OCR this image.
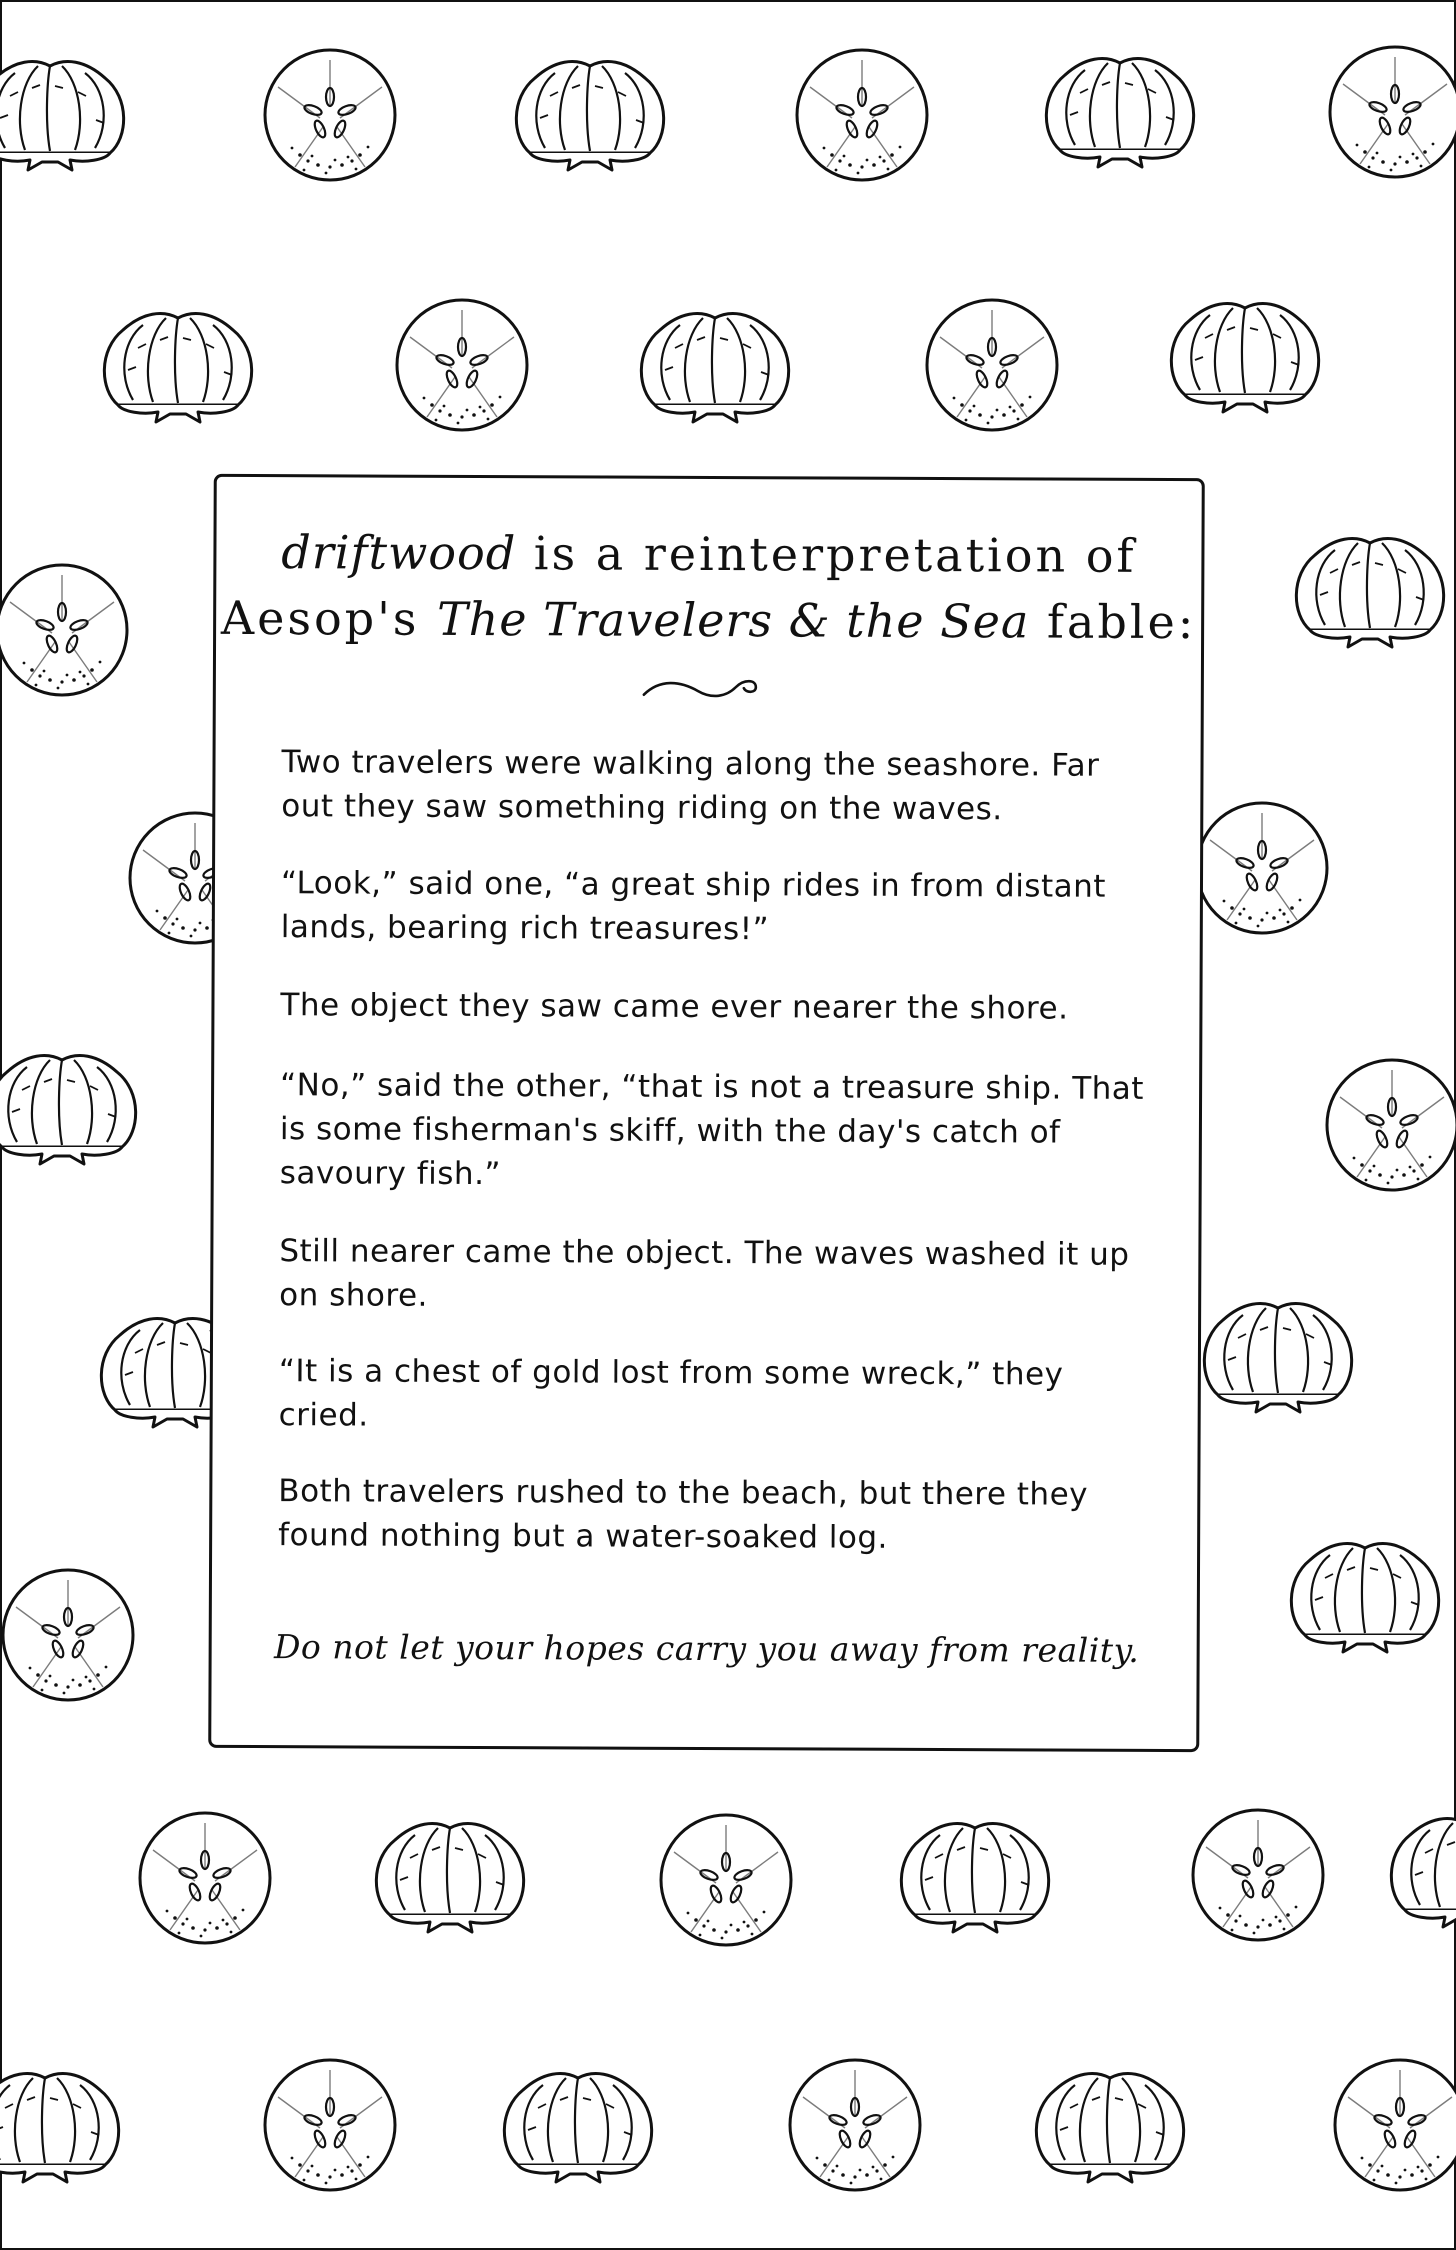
driftwood is a reinterpretation of
Aesop's The Travelers & the Sea fable:

Two travelers were walking along the seashore. Far out they saw something riding on the waves.

“Look,” said one, “a great ship rides in from distant lands, bearing rich treasures!”

The object they saw came ever nearer the shore.

“No,” said the other, “that is not a treasure ship. That is some fisherman's skiff, with the day's catch of savoury fish.”

Still nearer came the object. The waves washed it up on shore.

“It is a chest of gold lost from some wreck,” they cried.

Both travelers rushed to the beach, but there they found nothing but a water-soaked log.

Do not let your hopes carry you away from reality.
